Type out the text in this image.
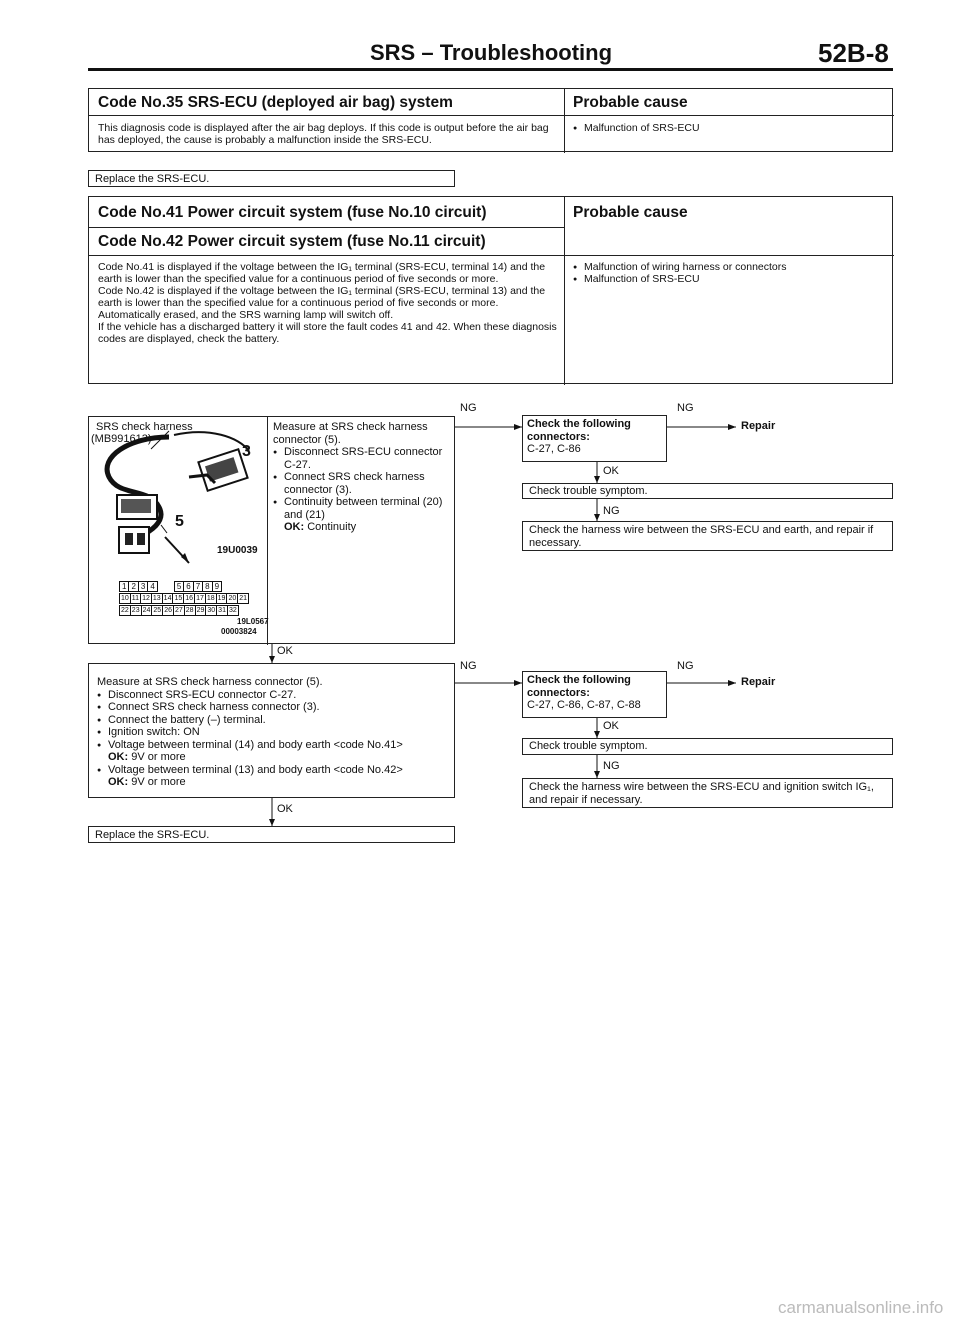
SRS – Troubleshooting	52B-8
Code No.35 SRS-ECU (deployed air bag) system	Probable cause
This diagnosis code is displayed after the air bag deploys. If this code is output before the air bag has deployed, the cause is probably a malfunction inside the SRS-ECU.
● Malfunction of SRS-ECU
Replace the SRS-ECU.
Code No.41 Power circuit system (fuse No.10 circuit)
Code No.42 Power circuit system (fuse No.11 circuit)
Probable cause
Code No.41 is displayed if the voltage between the IG₁ terminal (SRS-ECU, terminal 14) and the earth is lower than the specified value for a continuous period of five seconds or more.
Code No.42 is displayed if the voltage between the IG₁ terminal (SRS-ECU, terminal 13) and the earth is lower than the specified value for a continuous period of five seconds or more.
Automatically erased, and the SRS warning lamp will switch off.
If the vehicle has a discharged battery it will store the fault codes 41 and 42. When these diagnosis codes are displayed, check the battery.
● Malfunction of wiring harness or connectors
● Malfunction of SRS-ECU
SRS check harness
(MB991613)
3
5
19U0039
1	2	3	4		5	6	7	8	9
10	11	12	13	14	15	16	17	18	19	20	21
22	23	24	25	26	27	28	29	30	31	32
19L0567
00003824
Measure at SRS check harness connector (5).
● Disconnect SRS-ECU connector C-27.
● Connect SRS check harness connector (3).
● Continuity between terminal (20) and (21)
OK: Continuity
NG
Check the following connectors:
C-27, C-86
NG
Repair
OK
Check trouble symptom.
NG
Check the harness wire between the SRS-ECU and earth, and repair if necessary.
OK
Measure at SRS check harness connector (5).
● Disconnect SRS-ECU connector C-27.
● Connect SRS check harness connector (3).
● Connect the battery (–) terminal.
● Ignition switch: ON
● Voltage between terminal (14) and body earth <code No.41>
OK: 9V or more
● Voltage between terminal (13) and body earth <code No.42>
OK: 9V or more
NG
Check the following connectors:
C-27, C-86, C-87, C-88
NG
Repair
OK
Check trouble symptom.
NG
Check the harness wire between the SRS-ECU and ignition switch IG₁, and repair if necessary.
OK
Replace the SRS-ECU.
carmanualsonline.info
